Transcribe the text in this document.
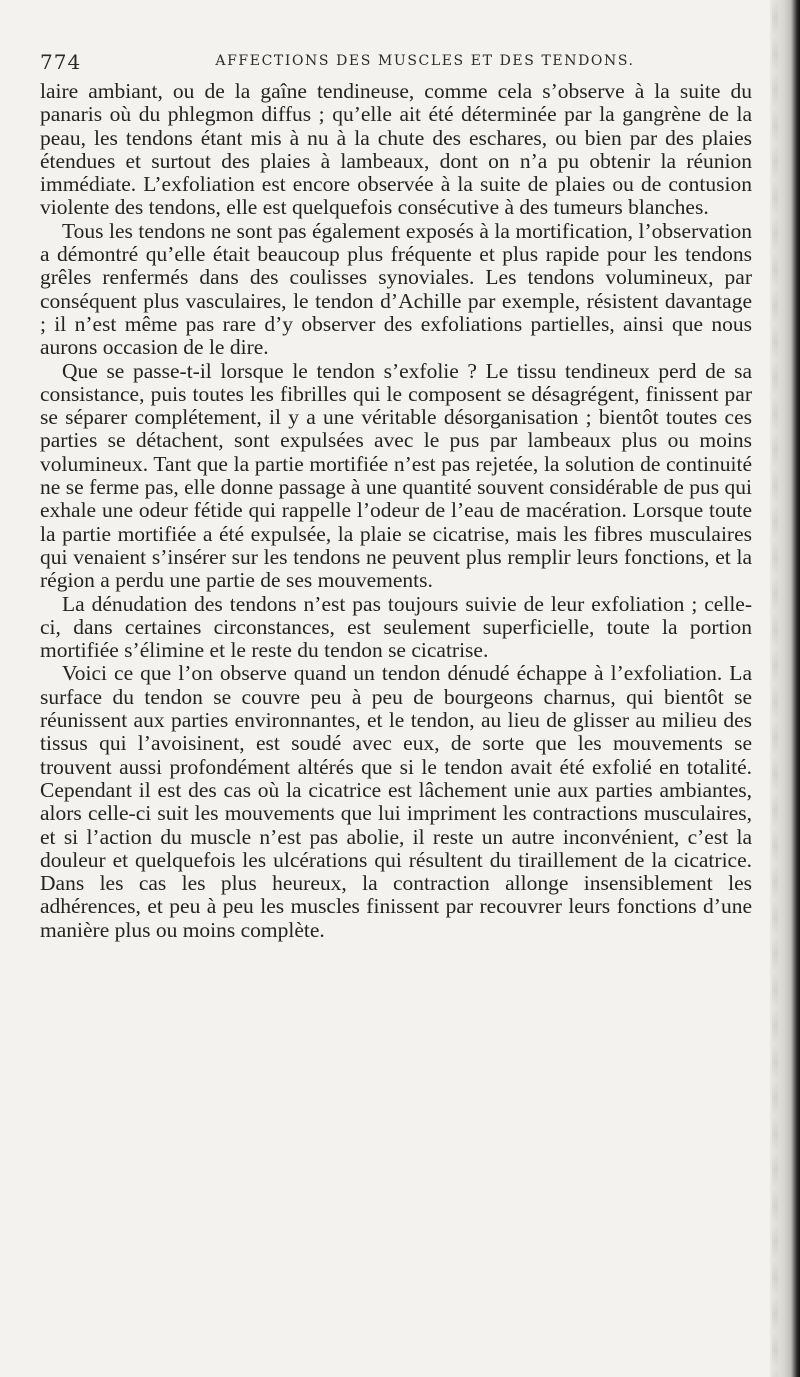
774	AFFECTIONS DES MUSCLES ET DES TENDONS.

laire ambiant, ou de la gaîne tendineuse, comme cela s’observe à la suite du panaris où du phlegmon diffus ; qu’elle ait été déterminée par la gangrène de la peau, les tendons étant mis à nu à la chute des eschares, ou bien par des plaies étendues et surtout des plaies à lambeaux, dont on n’a pu obtenir la réunion immédiate. L’exfoliation est encore observée à la suite de plaies ou de contusion violente des tendons, elle est quelquefois consécutive à des tumeurs blanches.

Tous les tendons ne sont pas également exposés à la mortification, l’observation a démontré qu’elle était beaucoup plus fréquente et plus rapide pour les tendons grêles renfermés dans des coulisses synoviales. Les tendons volumineux, par conséquent plus vasculaires, le tendon d’Achille par exemple, résistent davantage ; il n’est même pas rare d’y observer des exfoliations partielles, ainsi que nous aurons occasion de le dire.

Que se passe-t-il lorsque le tendon s’exfolie ? Le tissu tendineux perd de sa consistance, puis toutes les fibrilles qui le composent se désagrégent, finissent par se séparer complétement, il y a une véritable désorganisation ; bientôt toutes ces parties se détachent, sont expulsées avec le pus par lambeaux plus ou moins volumineux. Tant que la partie mortifiée n’est pas rejetée, la solution de continuité ne se ferme pas, elle donne passage à une quantité souvent considérable de pus qui exhale une odeur fétide qui rappelle l’odeur de l’eau de macération. Lorsque toute la partie mortifiée a été expulsée, la plaie se cicatrise, mais les fibres musculaires qui venaient s’insérer sur les tendons ne peuvent plus remplir leurs fonctions, et la région a perdu une partie de ses mouvements.

La dénudation des tendons n’est pas toujours suivie de leur exfoliation ; celle-ci, dans certaines circonstances, est seulement superficielle, toute la portion mortifiée s’élimine et le reste du tendon se cicatrise.

Voici ce que l’on observe quand un tendon dénudé échappe à l’exfoliation. La surface du tendon se couvre peu à peu de bourgeons charnus, qui bientôt se réunissent aux parties environnantes, et le tendon, au lieu de glisser au milieu des tissus qui l’avoisinent, est soudé avec eux, de sorte que les mouvements se trouvent aussi profondément altérés que si le tendon avait été exfolié en totalité. Cependant il est des cas où la cicatrice est lâchement unie aux parties ambiantes, alors celle-ci suit les mouvements que lui impriment les contractions musculaires, et si l’action du muscle n’est pas abolie, il reste un autre inconvénient, c’est la douleur et quelquefois les ulcérations qui résultent du tiraillement de la cicatrice. Dans les cas les plus heureux, la contraction allonge insensiblement les adhérences, et peu à peu les muscles finissent par recouvrer leurs fonctions d’une manière plus ou moins complète.
